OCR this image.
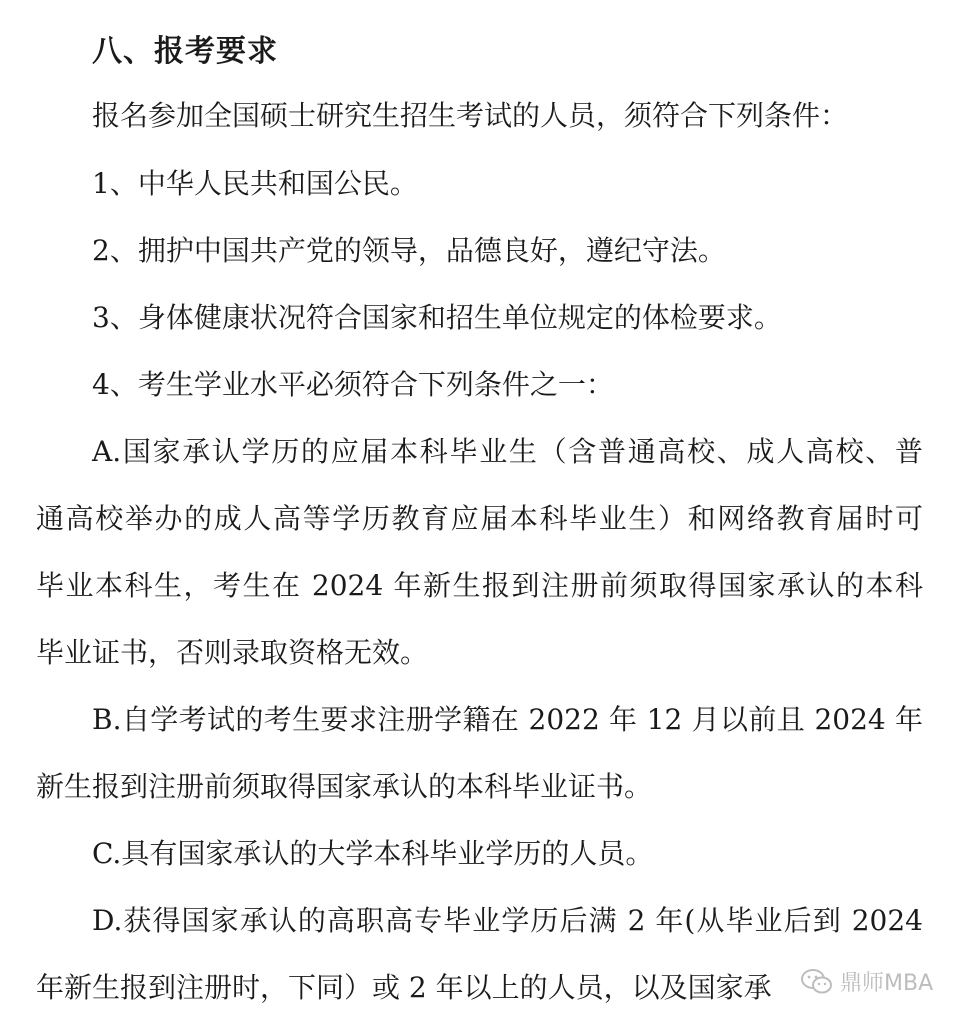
八、报考要求
报名参加全国硕士研究生招生考试的人员，须符合下列条件：
1、中华人民共和国公民。
2、拥护中国共产党的领导，品德良好，遵纪守法。
3、身体健康状况符合国家和招生单位规定的体检要求。
4、考生学业水平必须符合下列条件之一：
A.国家承认学历的应届本科毕业生（含普通高校、成人高校、普
通高校举办的成人高等学历教育应届本科毕业生）和网络教育届时可
毕业本科生，考生在 2024 年新生报到注册前须取得国家承认的本科
毕业证书，否则录取资格无效。
B.自学考试的考生要求注册学籍在 2022 年 12 月以前且 2024 年
新生报到注册前须取得国家承认的本科毕业证书。
C.具有国家承认的大学本科毕业学历的人员。
D.获得国家承认的高职高专毕业学历后满 2 年(从毕业后到 2024
年新生报到注册时，下同）或 2 年以上的人员，以及国家承	鼎师MBA
